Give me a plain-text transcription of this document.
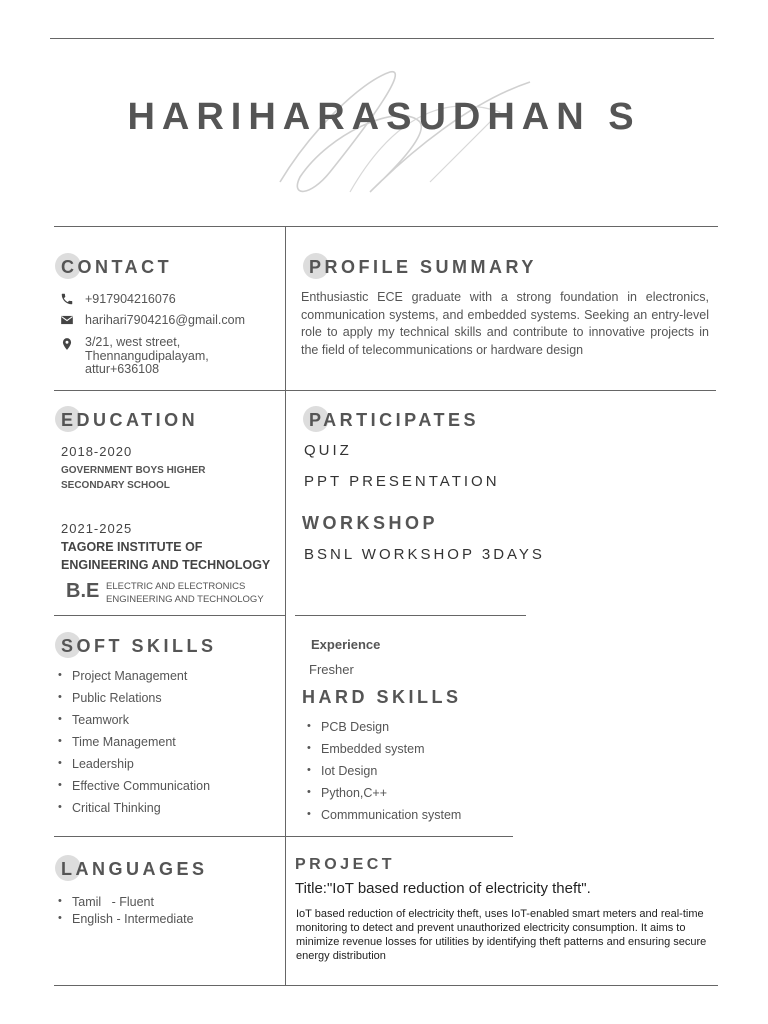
HARIHARASUDHAN S
CONTACT
+917904216076
harihari7904216@gmail.com
3/21, west street,
Thennangudipalayam,
attur+636108
PROFILE SUMMARY
Enthusiastic ECE graduate with a strong foundation in electronics, communication systems, and embedded systems. Seeking an entry-level role to apply my technical skills and contribute to innovative projects in the field of telecommunications or hardware design
EDUCATION
2018-2020
GOVERNMENT BOYS HIGHER
SECONDARY SCHOOL
2021-2025
TAGORE INSTITUTE OF
ENGINEERING AND TECHNOLOGY
B.E ELECTRIC AND ELECTRONICS
ENGINEERING AND TECHNOLOGY
PARTICIPATES
QUIZ
PPT PRESENTATION
WORKSHOP
BSNL WORKSHOP 3DAYS
SOFT SKILLS
• Project Management
• Public Relations
• Teamwork
• Time Management
• Leadership
• Effective Communication
• Critical Thinking
Experience
Fresher
HARD SKILLS
• PCB Design
• Embedded system
• Iot Design
• Python,C++
• Commmunication system
LANGUAGES
• Tamil   - Fluent
• English - Intermediate
PROJECT
Title:"IoT based reduction of electricity theft".
IoT based reduction of electricity theft, uses IoT-enabled smart meters and real-time monitoring to detect and prevent unauthorized electricity consumption. It aims to minimize revenue losses for utilities by identifying theft patterns and ensuring secure energy distribution
